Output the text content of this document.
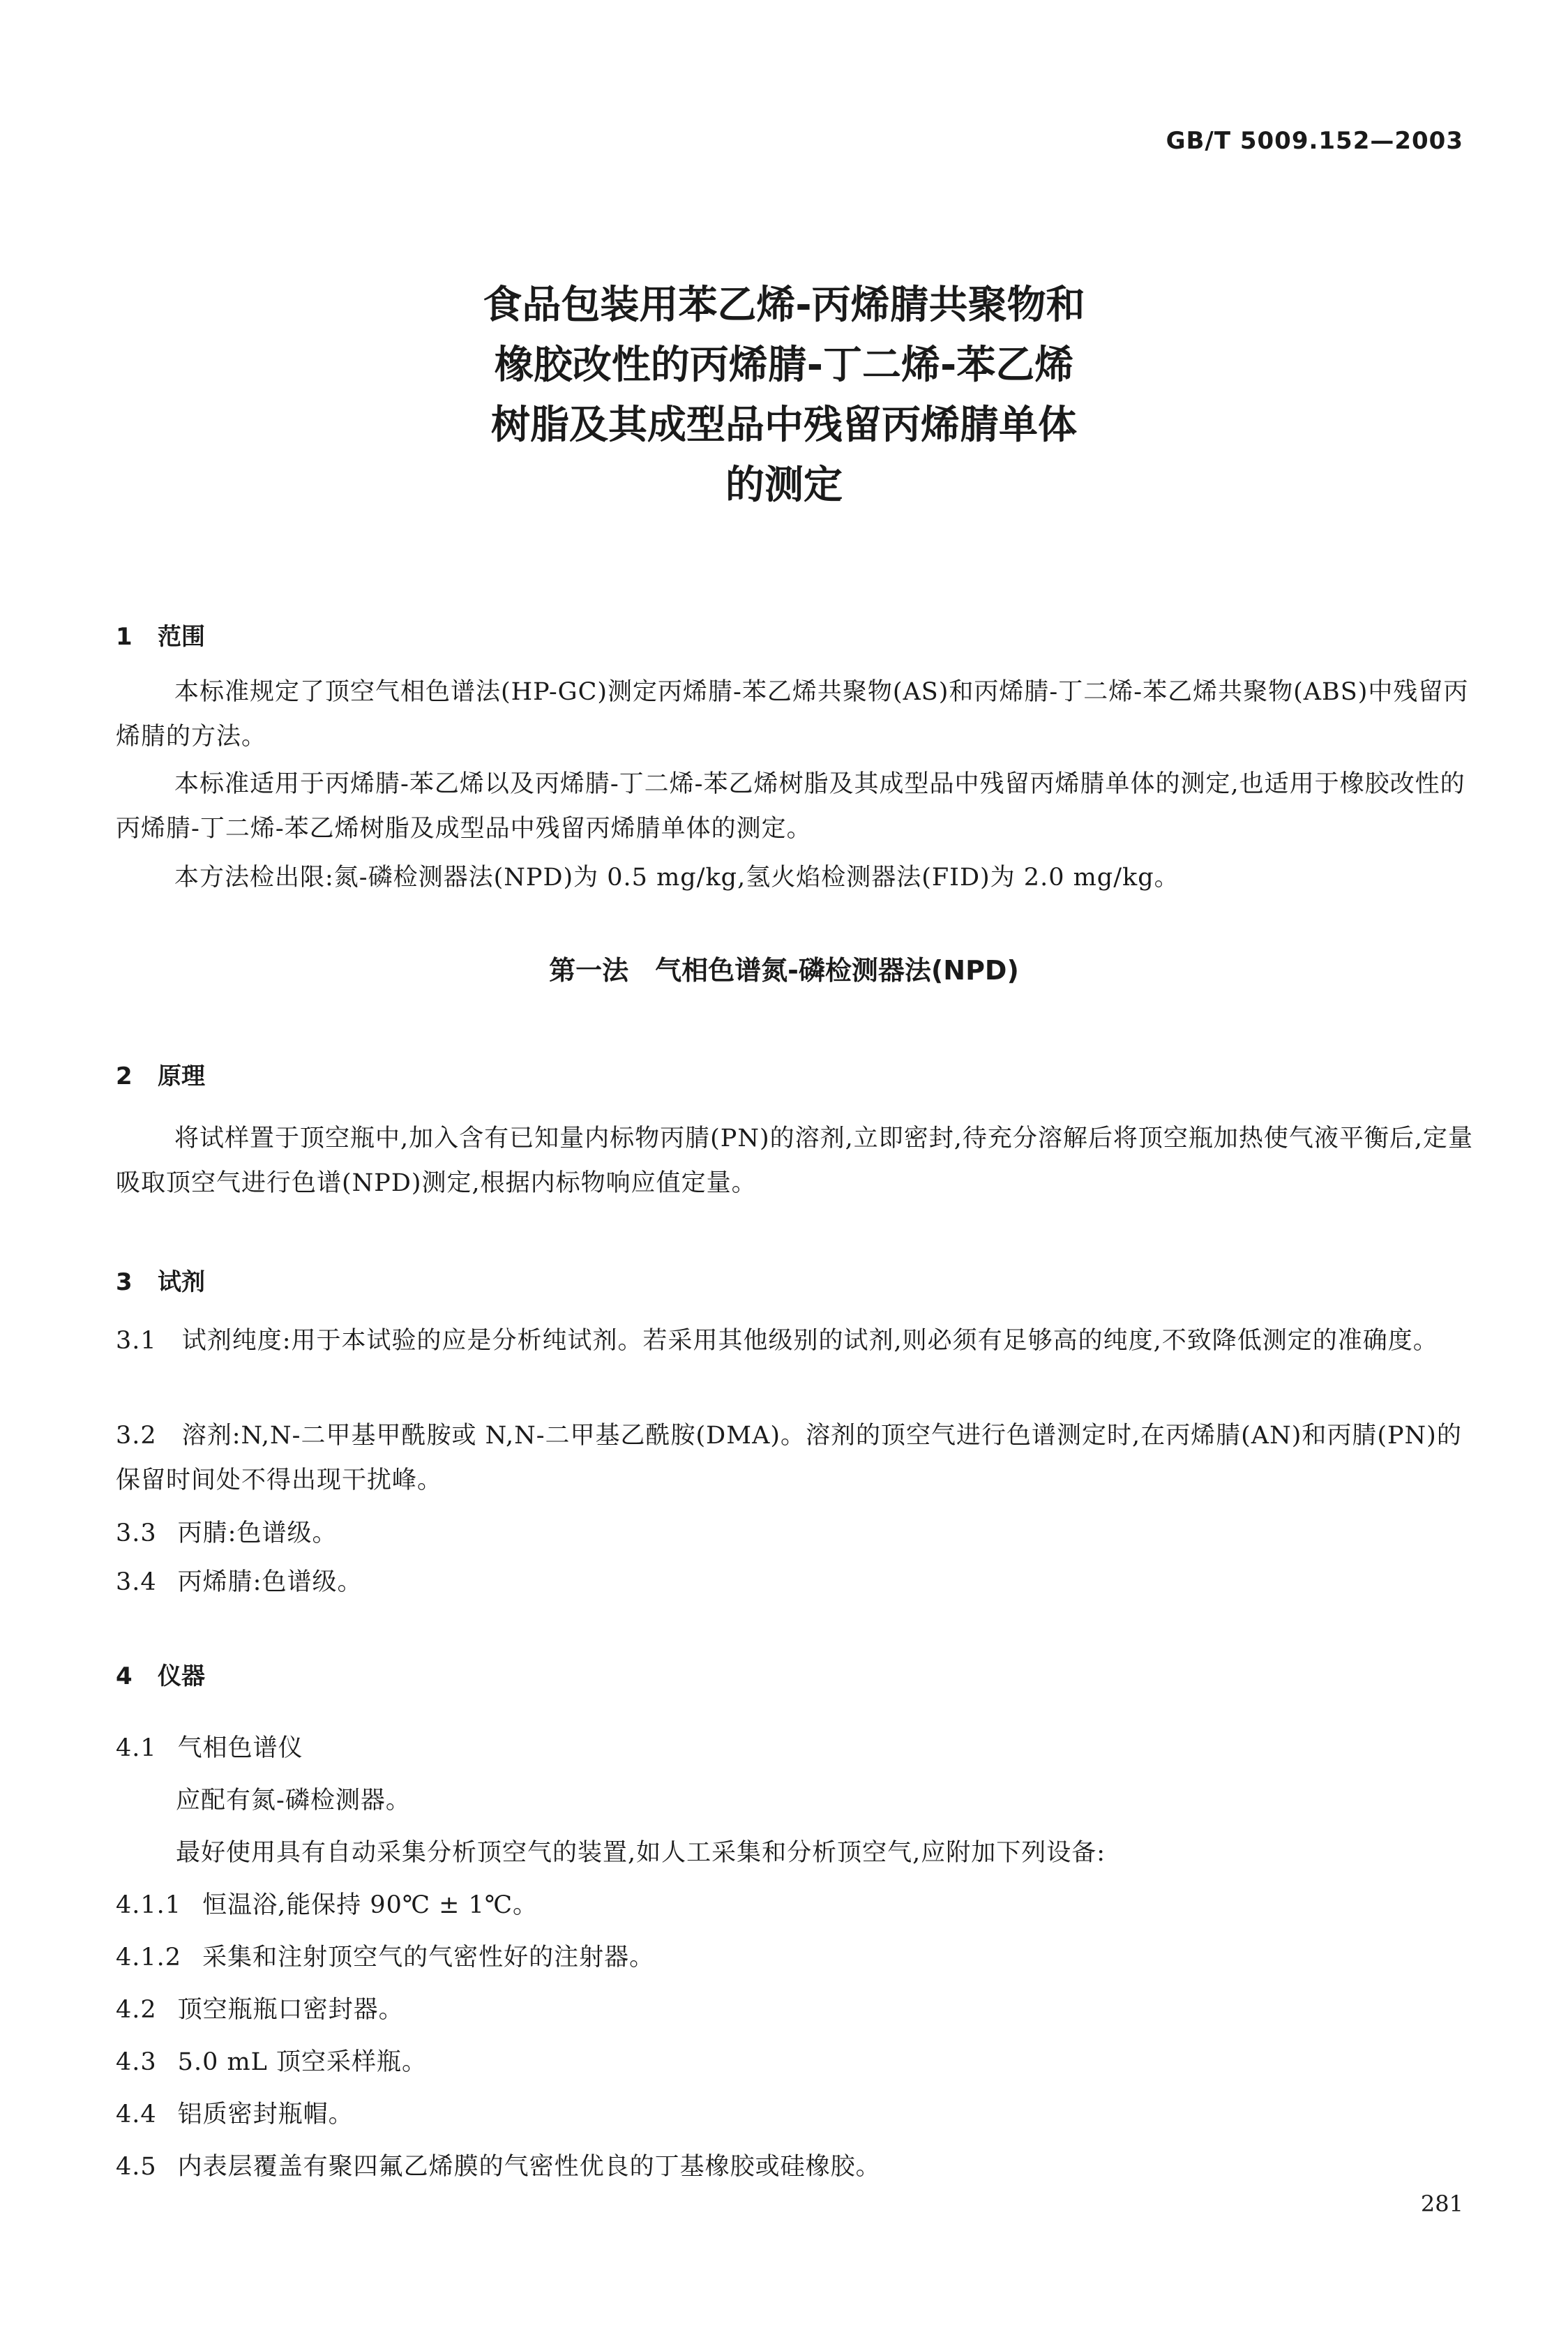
GB/T 5009.152—2003
食品包装用苯乙烯-丙烯腈共聚物和
橡胶改性的丙烯腈-丁二烯-苯乙烯
树脂及其成型品中残留丙烯腈单体
的测定
1 范围
本标准规定了顶空气相色谱法(HP-GC)测定丙烯腈-苯乙烯共聚物(AS)和丙烯腈-丁二烯-苯乙烯共聚物(ABS)中残留丙烯腈的方法。
本标准适用于丙烯腈-苯乙烯以及丙烯腈-丁二烯-苯乙烯树脂及其成型品中残留丙烯腈单体的测定,也适用于橡胶改性的丙烯腈-丁二烯-苯乙烯树脂及成型品中残留丙烯腈单体的测定。
本方法检出限:氮-磷检测器法(NPD)为 0.5 mg/kg,氢火焰检测器法(FID)为 2.0 mg/kg。
第一法　气相色谱氮-磷检测器法(NPD)
2 原理
将试样置于顶空瓶中,加入含有已知量内标物丙腈(PN)的溶剂,立即密封,待充分溶解后将顶空瓶加热使气液平衡后,定量吸取顶空气进行色谱(NPD)测定,根据内标物响应值定量。
3 试剂
3.1　 试剂纯度:用于本试验的应是分析纯试剂。若采用其他级别的试剂,则必须有足够高的纯度,不致降低测定的准确度。
3.2　 溶剂:N,N-二甲基甲酰胺或 N,N-二甲基乙酰胺(DMA)。溶剂的顶空气进行色谱测定时,在丙烯腈(AN)和丙腈(PN)的保留时间处不得出现干扰峰。
3.3 丙腈:色谱级。
3.4 丙烯腈:色谱级。
4 仪器
4.1 气相色谱仪
应配有氮-磷检测器。
最好使用具有自动采集分析顶空气的装置,如人工采集和分析顶空气,应附加下列设备:
4.1.1 恒温浴,能保持 90℃ ± 1℃。
4.1.2 采集和注射顶空气的气密性好的注射器。
4.2 顶空瓶瓶口密封器。
4.3 5.0 mL 顶空采样瓶。
4.4 铝质密封瓶帽。
4.5 内表层覆盖有聚四氟乙烯膜的气密性优良的丁基橡胶或硅橡胶。
281
